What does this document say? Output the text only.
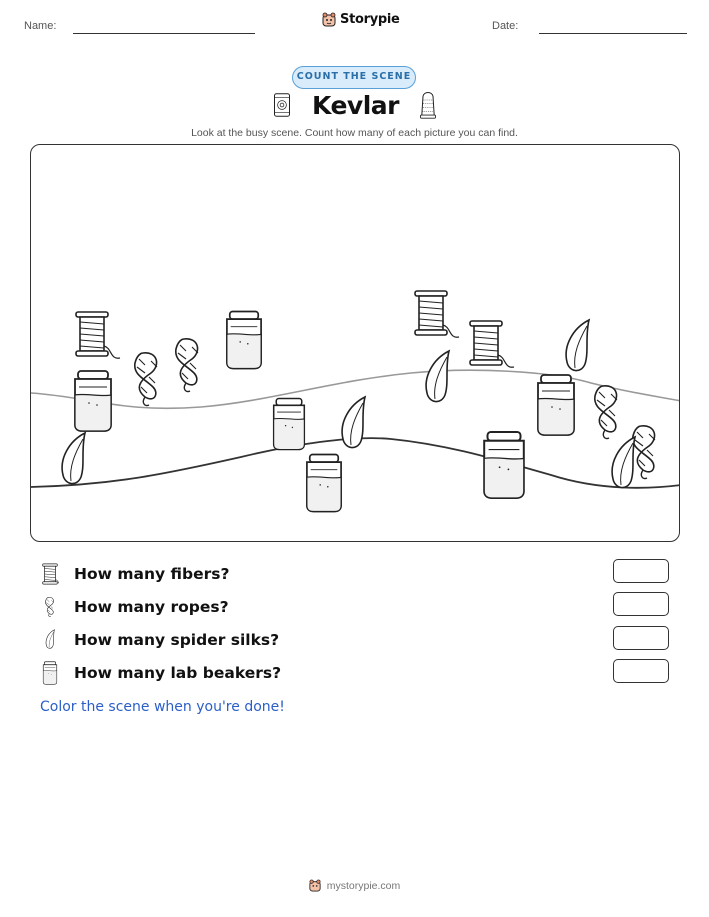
Name:	Storypie	Date:
COUNT THE SCENE
Kevlar
Look at the busy scene. Count how many of each picture you can find.
How many fibers?
How many ropes?
How many spider silks?
How many lab beakers?
Color the scene when you're done!
mystorypie.com
